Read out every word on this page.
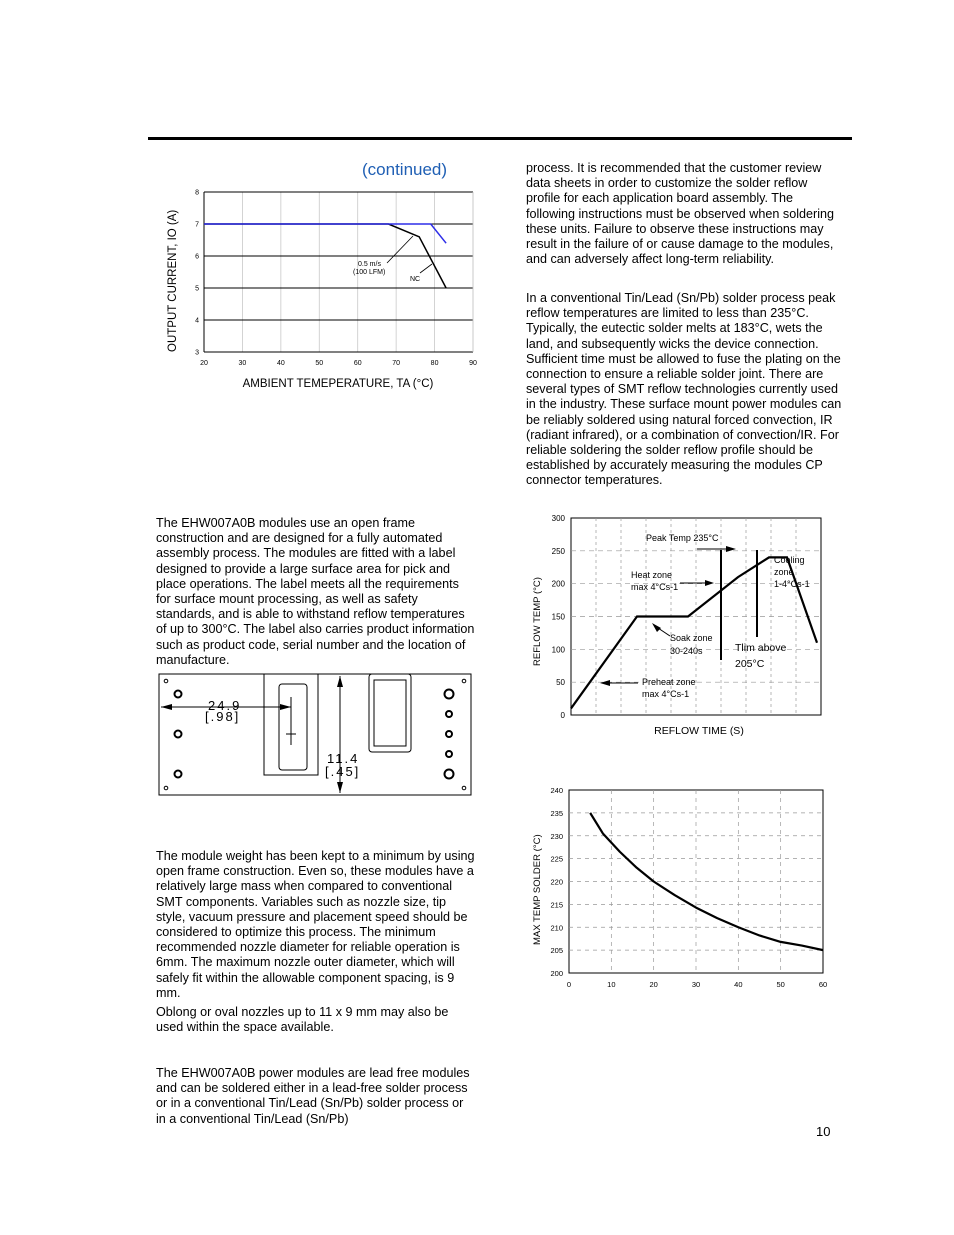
(continued)	process. It is recommended that the customer review data sheets in order to customize the solder reflow profile for each application board assembly. The following instructions must be observed when soldering these units. Failure to observe these instructions may result in the failure of or cause damage to the modules, and can adversely affect long-term reliability.

In a conventional Tin/Lead (Sn/Pb) solder process peak reflow temperatures are limited to less than 235°C. Typically, the eutectic solder melts at 183°C, wets the land, and subsequently wicks the device connection. Sufficient time must be allowed to fuse the plating on the connection to ensure a reliable solder joint. There are several types of SMT reflow technologies currently used in the industry. These surface mount power modules can be reliably soldered using natural forced convection, IR (radiant infrared), or a combination of convection/IR. For reliable soldering the solder reflow profile should be established by accurately measuring the modules CP connector temperatures.

The EHW007A0B modules use an open frame construction and are designed for a fully automated assembly process. The modules are fitted with a label designed to provide a large surface area for pick and place operations. The label meets all the requirements for surface mount processing, as well as safety standards, and is able to withstand reflow temperatures of up to 300°C. The label also carries product information such as product code, serial number and the location of manufacture.

The module weight has been kept to a minimum by using open frame construction. Even so, these modules have a relatively large mass when compared to conventional SMT components. Variables such as nozzle size, tip style, vacuum pressure and placement speed should be considered to optimize this process. The minimum recommended nozzle diameter for reliable operation is 6mm. The maximum nozzle outer diameter, which will safely fit within the allowable component spacing, is 9 mm.

Oblong or oval nozzles up to 11 x 9 mm may also be used within the space available.

The EHW007A0B power modules are lead free modules and can be soldered either in a lead-free solder process or in a conventional Tin/Lead (Sn/Pb) solder process or in a conventional Tin/Lead (Sn/Pb)

10
20	30	40	50	60	70	80	90
3
4
5
6
7
8
0.5 m/s
(100 LFM)
NC
AMBIENT TEMEPERATURE, TA (°C)
OUTPUT CURRENT, IO (A)
24.9
[.98]
11.4
[.45]
0
50
100
150
200
250
300
Peak Temp 235°C
Heat zone
max 4°Cs-1
Cooling
zone
1-4°Cs-1
Soak zone
30-240s	Tlim above
205°C
Preheat zone
max 4°Cs-1
REFLOW TIME (S)
REFLOW TEMP (°C)
0	10	20	30	40	50	60
200
205
210
215
220
225
230
235
240
MAX TEMP SOLDER (°C)
